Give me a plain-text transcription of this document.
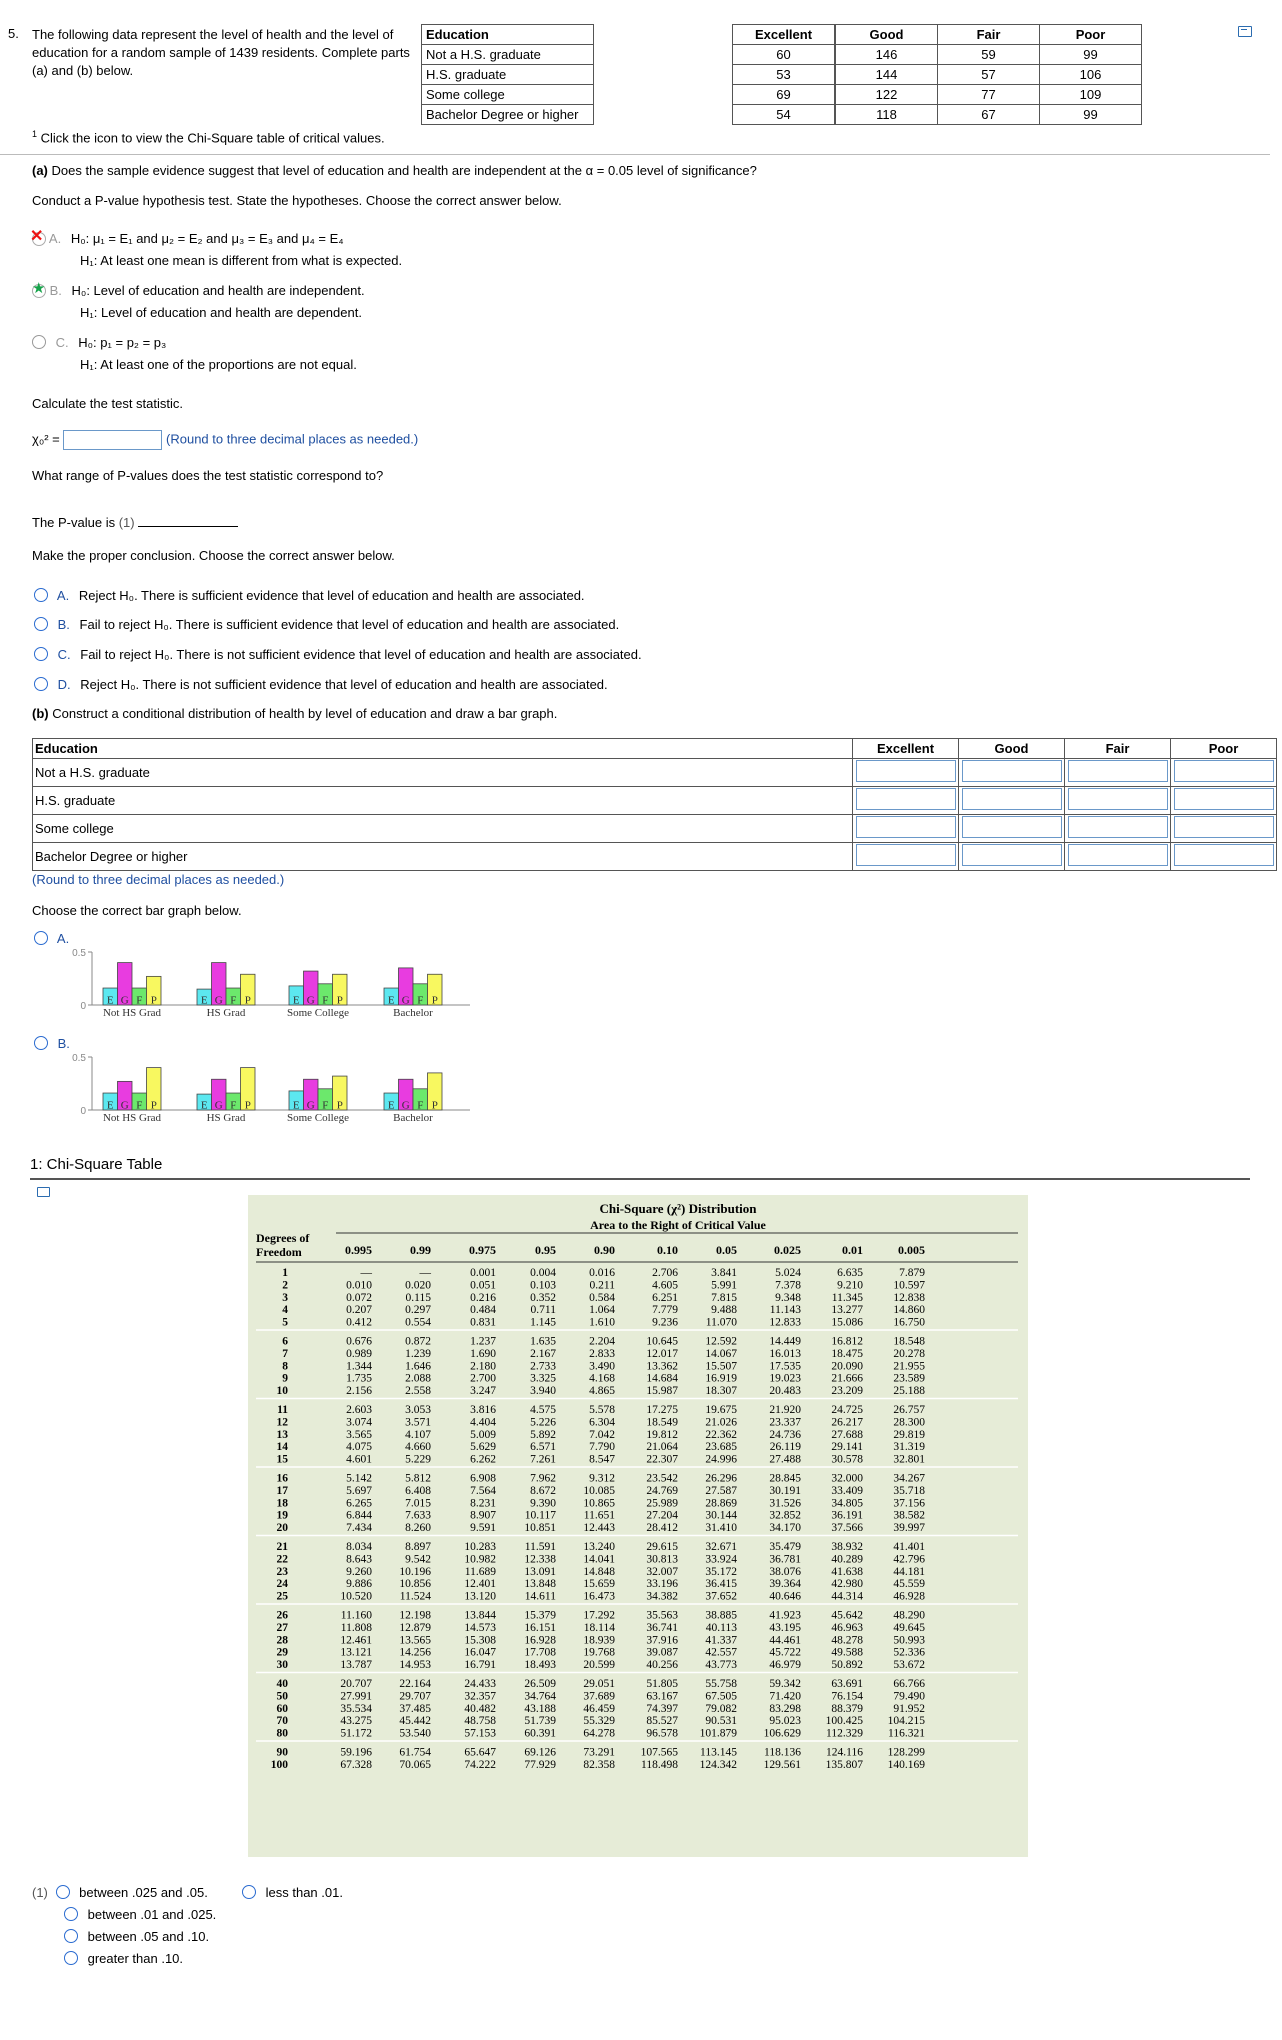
5. The following data represent the level of health and the level of education for a random sample of 1439 residents. Complete parts (a) and (b) below.
Education		Excellent		Good	Fair	Poor
Not a H.S. graduate		60		146	59	99
H.S. graduate		53		144	57	106
Some college		69		122	77	109
Bachelor Degree or higher		54		118	67	99
$^1$ Click the icon to view the Chi-Square table of critical values.
(a) Does the sample evidence suggest that level of education and health are independent at the α = 0.05 level of significance?
Conduct a P-value hypothesis test. State the hypotheses. Choose the correct answer below.
✕ A. H₀: μ₁ = E₁ and μ₂ = E₂ and μ₃ = E₃ and μ₄ = E₄
H₁: At least one mean is different from what is expected.
★ B. H₀: Level of education and health are independent.
H₁: Level of education and health are dependent.
C. H₀: p₁ = p₂ = p₃
H₁: At least one of the proportions are not equal.
Calculate the test statistic.
χ₀² =	(Round to three decimal places as needed.)
What range of P-values does the test statistic correspond to?
The P-value is (1)
Make the proper conclusion. Choose the correct answer below.
A. Reject H₀. There is sufficient evidence that level of education and health are associated.
B. Fail to reject H₀. There is sufficient evidence that level of education and health are associated.
C. Fail to reject H₀. There is not sufficient evidence that level of education and health are associated.
D. Reject H₀. There is not sufficient evidence that level of education and health are associated.
(b) Construct a conditional distribution of health by level of education and draw a bar graph.
Education	Excellent	Good	Fair	Poor
Not a H.S. graduate				
H.S. graduate				
Some college				
Bachelor Degree or higher				
(Round to three decimal places as needed.)
Choose the correct bar graph below.
A.
0.5
0 E G F P
Not HS Grad
E G F P
HS Grad
E G F P
Some College
E G F P
Bachelor
B.
0.5
0 E G F P
Not HS Grad
E G F P
HS Grad
E G F P
Some College
E G F P
Bachelor
1: Chi-Square Table
Chi-Square (χ²) Distribution
Area to the Right of Critical Value
Degrees of
Freedom	0.995	0.99	0.975	0.95	0.90	0.10	0.05	0.025	0.01	0.005
1	—	—	0.001	0.004	0.016	2.706	3.841	5.024	6.635	7.879
2	0.010	0.020	0.051	0.103	0.211	4.605	5.991	7.378	9.210	10.597
3	0.072	0.115	0.216	0.352	0.584	6.251	7.815	9.348	11.345	12.838
4	0.207	0.297	0.484	0.711	1.064	7.779	9.488	11.143	13.277	14.860
5	0.412	0.554	0.831	1.145	1.610	9.236 11.070	12.833	15.086	16.750
6	0.676	0.872	1.237	1.635	2.204	10.645 12.592	14.449	16.812	18.548
7	0.989	1.239	1.690	2.167	2.833	12.017 14.067	16.013	18.475	20.278
8	1.344	1.646	2.180	2.733	3.490	13.362 15.507	17.535	20.090	21.955
9	1.735	2.088	2.700	3.325	4.168	14.684 16.919	19.023	21.666	23.589
10	2.156	2.558	3.247	3.940	4.865	15.987 18.307	20.483	23.209	25.188
11	2.603	3.053	3.816	4.575	5.578	17.275 19.675	21.920	24.725	26.757
12	3.074	3.571	4.404	5.226	6.304	18.549 21.026	23.337	26.217	28.300
13	3.565	4.107	5.009	5.892	7.042	19.812 22.362	24.736	27.688	29.819
14	4.075	4.660	5.629	6.571	7.790	21.064 23.685	26.119	29.141	31.319
15	4.601	5.229	6.262	7.261	8.547	22.307 24.996	27.488	30.578	32.801
16	5.142	5.812	6.908	7.962	9.312	23.542 26.296	28.845	32.000	34.267
17	5.697	6.408	7.564	8.672 10.085	24.769 27.587	30.191	33.409	35.718
18	6.265	7.015	8.231	9.390 10.865	25.989 28.869	31.526	34.805	37.156
19	6.844	7.633	8.907	10.117 11.651	27.204 30.144	32.852	36.191	38.582
20	7.434	8.260	9.591 10.851 12.443	28.412 31.410	34.170	37.566	39.997
21	8.034	8.897	10.283	11.591 13.240	29.615 32.671	35.479	38.932	41.401
22	8.643	9.542	10.982 12.338 14.041	30.813 33.924	36.781	40.289	42.796
23	9.260 10.196	11.689 13.091 14.848	32.007 35.172	38.076	41.638	44.181
24	9.886 10.856	12.401 13.848 15.659	33.196 36.415	39.364	42.980	45.559
25	10.520 11.524	13.120	14.611 16.473	34.382 37.652	40.646	44.314	46.928
26	11.160 12.198	13.844 15.379 17.292	35.563 38.885	41.923	45.642	48.290
27	11.808 12.879	14.573 16.151 18.114	36.741 40.113	43.195	46.963	49.645
28	12.461 13.565	15.308 16.928 18.939	37.916 41.337	44.461	48.278	50.993
29	13.121 14.256	16.047 17.708 19.768	39.087 42.557	45.722	49.588	52.336
30	13.787 14.953	16.791 18.493 20.599	40.256 43.773	46.979	50.892	53.672
40	20.707 22.164	24.433 26.509 29.051	51.805 55.758	59.342	63.691	66.766
50	27.991 29.707	32.357 34.764 37.689	63.167 67.505	71.420	76.154	79.490
60	35.534 37.485	40.482 43.188 46.459	74.397 79.082	83.298	88.379	91.952
70	43.275 45.442	48.758 51.739 55.329	85.527 90.531	95.023 100.425 104.215
80	51.172 53.540	57.153 60.391 64.278	96.578 101.879 106.629 112.329 116.321
90	59.196 61.754	65.647 69.126 73.291 107.565 113.145 118.136 124.116 128.299
100	67.328 70.065	74.222 77.929 82.358 118.498 124.342 129.561 135.807 140.169
(1) between .025 and .05.	less than .01.
between .01 and .025.
between .05 and .10.
greater than .10.
